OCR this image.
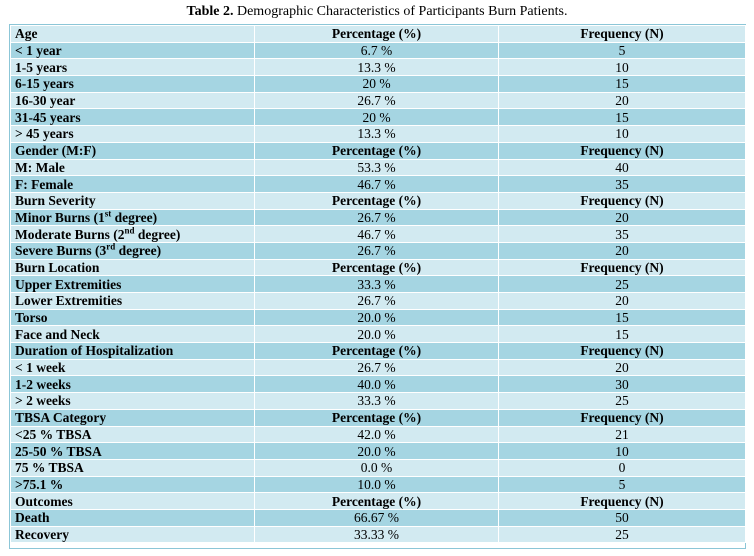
Table 2. Demographic Characteristics of Participants Burn Patients.
Age	Percentage (%)	Frequency (N)
< 1 year	6.7 %	5
1-5 years	13.3 %	10
6-15 years	20 %	15
16-30 year	26.7 %	20
31-45 years	20 %	15
> 45 years	13.3 %	10
Gender (M:F)	Percentage (%)	Frequency (N)
M: Male	53.3 %	40
F: Female	46.7 %	35
Burn Severity	Percentage (%)	Frequency (N)
Minor Burns (1st degree)	26.7 %	20
Moderate Burns (2nd degree)	46.7 %	35
Severe Burns (3rd degree)	26.7 %	20
Burn Location	Percentage (%)	Frequency (N)
Upper Extremities	33.3 %	25
Lower Extremities	26.7 %	20
Torso	20.0 %	15
Face and Neck	20.0 %	15
Duration of Hospitalization	Percentage (%)	Frequency (N)
< 1 week	26.7 %	20
1-2 weeks	40.0 %	30
> 2 weeks	33.3 %	25
TBSA Category	Percentage (%)	Frequency (N)
<25 % TBSA	42.0 %	21
25-50 % TBSA	20.0 %	10
75 % TBSA	0.0 %	0
>75.1 %	10.0 %	5
Outcomes	Percentage (%)	Frequency (N)
Death	66.67 %	50
Recovery	33.33 %	25
